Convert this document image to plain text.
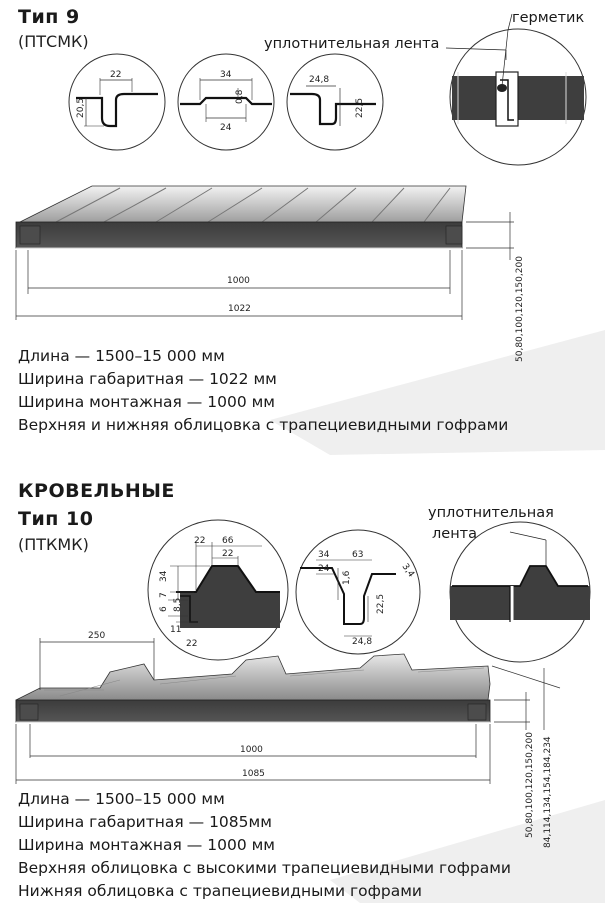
Тип 9
(ПТСМК)
герметик
уплотнительная лента
22
20,5
34
24
0,8
24,8
22,5
1000
1022	50,80,100,120,150,200
22 66
22
34
7
6 8,5
11
22
34	63
24
1,6
22,5
24,8
3,4
250
1000
1085	50,80,100,120,150,200 84,114,134,154,184,234
Длина — 1500–15 000 мм
Ширина габаритная — 1022 мм
Ширина монтажная — 1000 мм
Верхняя и нижняя облицовка с трапециевидными гофрами
КРОВЕЛЬНЫЕ
Тип 10
(ПТКМК)
уплотнительная
лента
Длина — 1500–15 000 мм
Ширина габаритная — 1085мм
Ширина монтажная — 1000 мм
Верхняя облицовка с высокими трапециевидными гофрами
Нижняя облицовка с трапециевидными гофрами
